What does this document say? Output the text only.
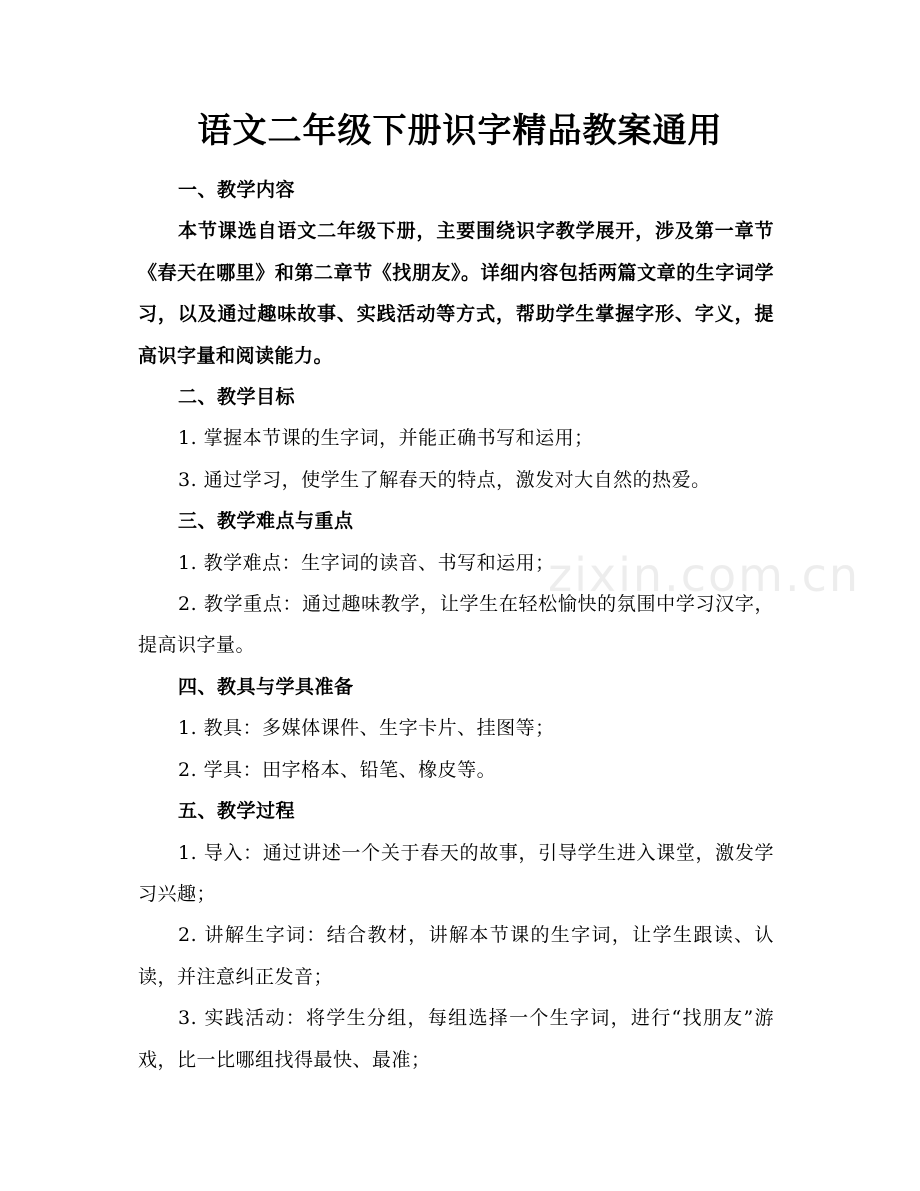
zixin.com.cn
语文二年级下册识字精品教案通用

一、教学内容

本节课选自语文二年级下册，主要围绕识字教学展开，涉及第一章节《春天在哪里》和第二章节《找朋友》。详细内容包括两篇文章的生字词学习，以及通过趣味故事、实践活动等方式，帮助学生掌握字形、字义，提高识字量和阅读能力。

二、教学目标

1. 掌握本节课的生字词，并能正确书写和运用；

3. 通过学习，使学生了解春天的特点，激发对大自然的热爱。

三、教学难点与重点

1. 教学难点：生字词的读音、书写和运用；

2. 教学重点：通过趣味教学，让学生在轻松愉快的氛围中学习汉字，提高识字量。

四、教具与学具准备

1. 教具：多媒体课件、生字卡片、挂图等；

2. 学具：田字格本、铅笔、橡皮等。

五、教学过程

1. 导入：通过讲述一个关于春天的故事，引导学生进入课堂，激发学习兴趣；

2. 讲解生字词：结合教材，讲解本节课的生字词，让学生跟读、认读，并注意纠正发音；

3. 实践活动：将学生分组，每组选择一个生字词，进行“找朋友”游戏，比一比哪组找得最快、最准；
